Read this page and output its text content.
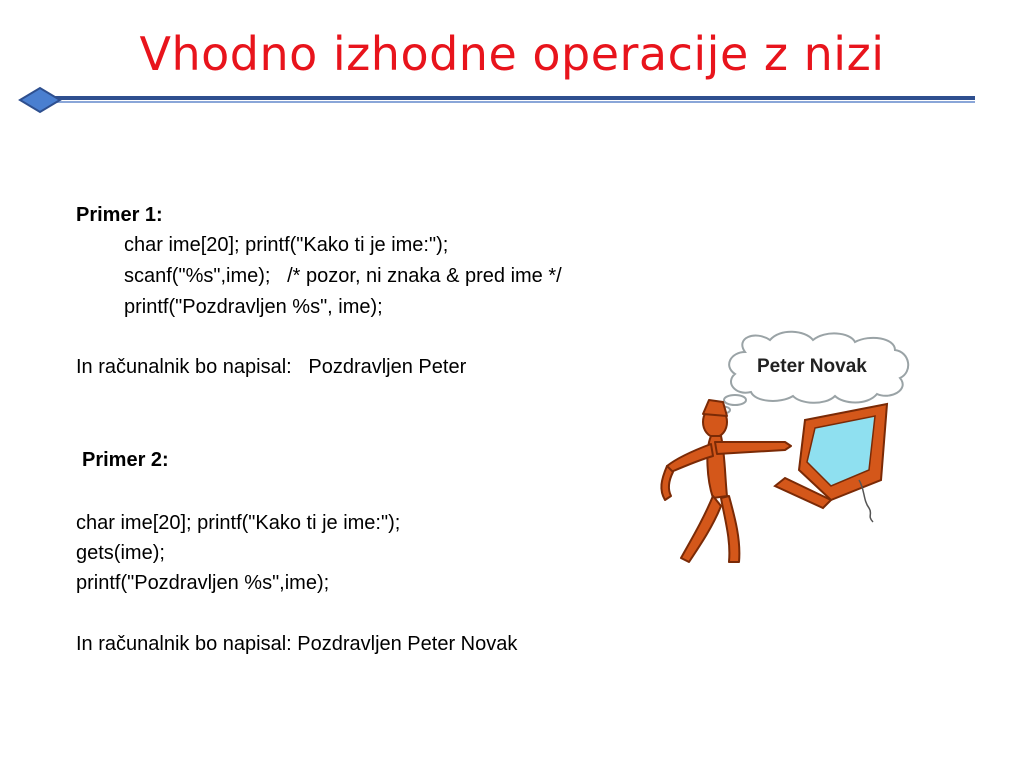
Vhodno izhodne operacije z nizi
Primer 1:
char ime[20]; printf("Kako ti je ime:");
scanf("%s",ime);   /* pozor, ni znaka & pred ime */
printf("Pozdravljen %s", ime);
In računalnik bo napisal:   Pozdravljen Peter
Primer 2:
char ime[20]; printf("Kako ti je ime:");
gets(ime);
printf("Pozdravljen %s",ime);
In računalnik bo napisal: Pozdravljen Peter Novak
Peter Novak
